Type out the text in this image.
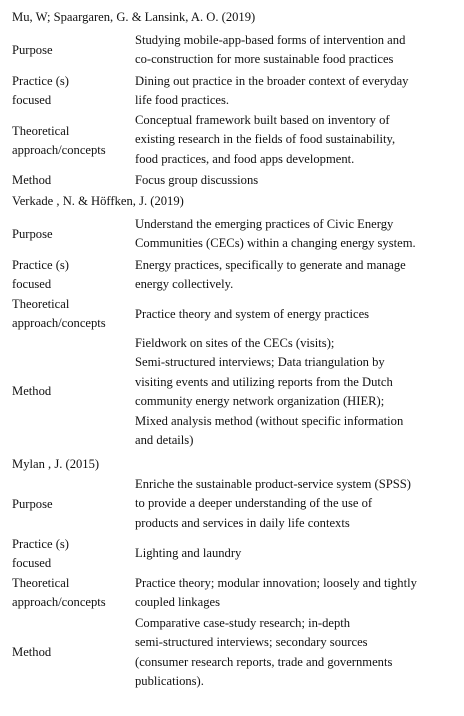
Mu, W; Spaargaren, G. & Lansink, A. O. (2019)
Purpose
Studying mobile-app-based forms of intervention and
co-construction for more sustainable food practices
Practice (s)
focused
Dining out practice in the broader context of everyday
life food practices.
Theoretical
approach/concepts
Conceptual framework built based on inventory of
existing research in the fields of food sustainability,
food practices, and food apps development.
Method	Focus group discussions
Verkade , N. & Höffken, J. (2019)
Purpose
Understand the emerging practices of Civic Energy
Communities (CECs) within a changing energy system.
Practice (s)
focused
Energy practices, specifically to generate and manage
energy collectively.
Theoretical
approach/concepts
Practice theory and system of energy practices
Method
Fieldwork on sites of the CECs (visits);
Semi-structured interviews; Data triangulation by
visiting events and utilizing reports from the Dutch
community energy network organization (HIER);
Mixed analysis method (without specific information
and details)
Mylan , J. (2015)
Purpose
Enriche the sustainable product-service system (SPSS)
to provide a deeper understanding of the use of
products and services in daily life contexts
Practice (s)
focused
Lighting and laundry
Theoretical
approach/concepts
Practice theory; modular innovation; loosely and tightly
coupled linkages
Method
Comparative case-study research; in-depth
semi-structured interviews; secondary sources
(consumer research reports, trade and governments
publications).
